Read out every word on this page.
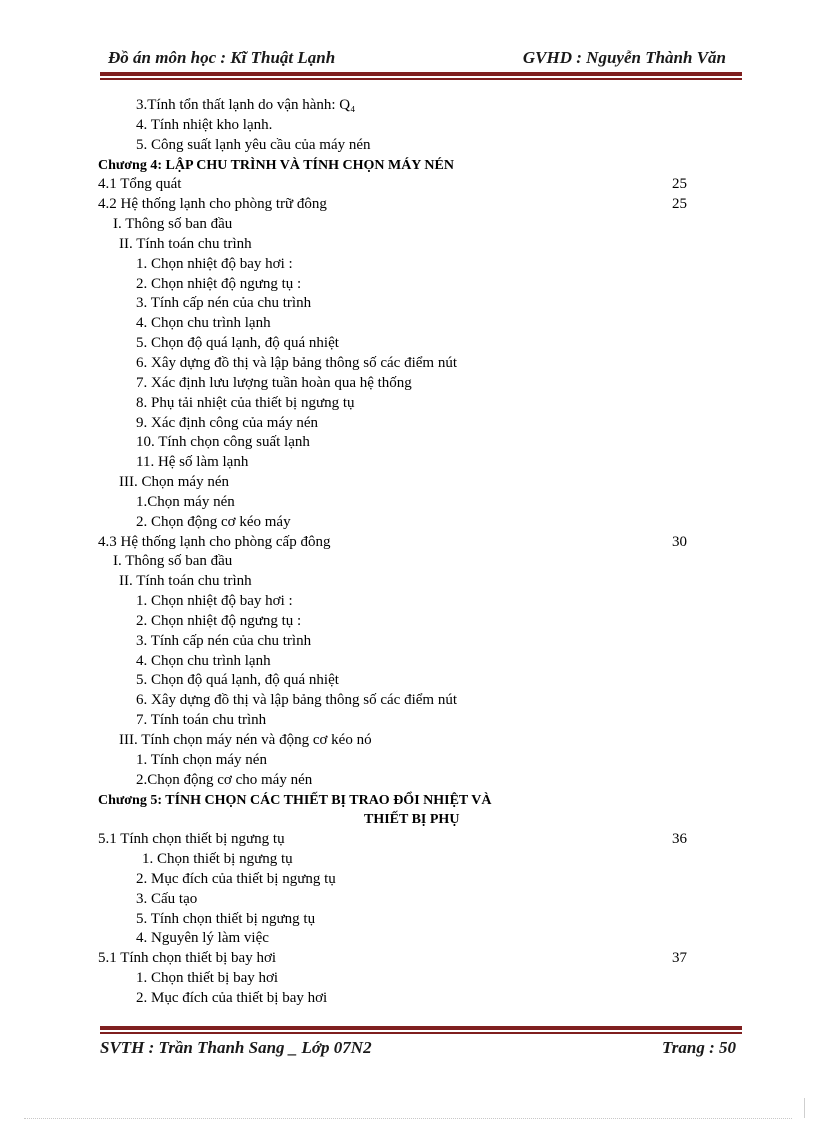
Đồ án môn học : Kĩ Thuật Lạnh	GVHD : Nguyễn Thành Văn
3.Tính tổn thất lạnh do vận hành: Q₄
4. Tính nhiệt kho lạnh.
5. Công suất lạnh yêu cầu của máy nén
Chương 4: LẬP CHU TRÌNH VÀ TÍNH CHỌN MÁY NÉN
4.1 Tổng quát	25
4.2 Hệ thống lạnh cho phòng trữ đông	25
I. Thông số ban đầu
II. Tính toán chu trình
1. Chọn nhiệt độ bay hơi :
2. Chọn nhiệt độ ngưng tụ :
3. Tính cấp nén của chu trình
4. Chọn chu trình lạnh
5. Chọn độ quá lạnh, độ quá nhiệt
6. Xây dựng đồ thị và lập bảng thông số các điểm nút
7. Xác định lưu lượng tuần hoàn qua hệ thống
8. Phụ tải nhiệt của thiết bị ngưng tụ
9. Xác định công của máy nén
10. Tính chọn công suất lạnh
11. Hệ số làm lạnh
III. Chọn máy nén
1.Chọn máy nén
2. Chọn động cơ kéo máy
4.3 Hệ thống lạnh cho phòng cấp đông	30
I. Thông số ban đầu
II. Tính toán chu trình
1. Chọn nhiệt độ bay hơi :
2. Chọn nhiệt độ ngưng tụ :
3. Tính cấp nén của chu trình
4. Chọn chu trình lạnh
5. Chọn độ quá lạnh, độ quá nhiệt
6. Xây dựng đồ thị và lập bảng thông số các điểm nút
7. Tính toán chu trình
III. Tính chọn máy nén và động cơ kéo nó
1. Tính chọn máy nén
2.Chọn động cơ cho máy nén
Chương 5: TÍNH CHỌN CÁC THIẾT BỊ TRAO ĐỔI NHIỆT VÀ
THIẾT BỊ PHỤ
5.1 Tính chọn thiết bị ngưng tụ	36
1. Chọn thiết bị ngưng tụ
2. Mục đích của thiết bị ngưng tụ
3. Cấu tạo
5. Tính chọn thiết bị ngưng tụ
4. Nguyên lý làm việc
5.1 Tính chọn thiết bị bay hơi	37
1. Chọn thiết bị bay hơi
2. Mục đích của thiết bị bay hơi
SVTH : Trần Thanh Sang _ Lớp 07N2	Trang : 50
